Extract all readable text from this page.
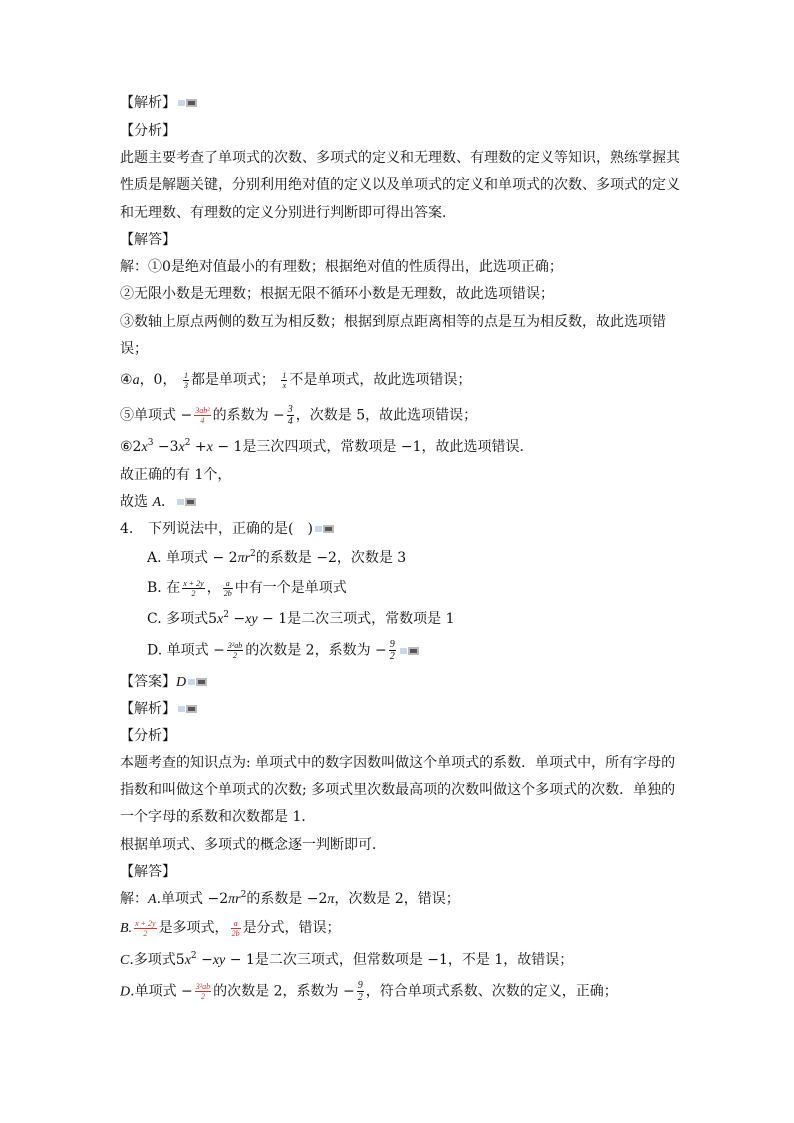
【解析】
【分析】
此题主要考查了单项式的次数、多项式的定义和无理数、有理数的定义等知识，熟练掌握其
性质是解题关键，分别利用绝对值的定义以及单项式的定义和单项式的次数、多项式的定义
和无理数、有理数的定义分别进行判断即可得出答案．
【解答】
解：①0是绝对值最小的有理数；根据绝对值的性质得出，此选项正确；
②无限小数是无理数；根据无限不循环小数是无理数，故此选项错误；
③数轴上原点两侧的数互为相反数；根据到原点距离相等的点是互为相反数，故此选项错
误；
④a，0， $\frac{1}{3}$ 都是单项式； $\frac{1}{x}$ 不是单项式，故此选项错误；
⑤单项式 − $\frac{\text{3ab²}}{4}$ 的系数为 − $\frac{3}{4}$ ，次数是 5，故此选项错误；
$⑥2x^3 -3x^2 +x - 1$是三次四项式，常数项是 −1，故此选项错误．
故正确的有 1个，
故选 A．
4. 下列说法中，正确的是(　)
A. 单项式 − $2\pi r^2$的系数是 −2，次数是 3
B. 在 $\frac{x + 2y}{2}$ ， $\frac{a}{2b}$ 中有一个是单项式
C. 多项式$5x^2 -xy - 1$是二次三项式，常数项是 1
D. 单项式 − $\frac{\text{3²ab}}{2}$ 的次数是 2，系数为 − $\frac{9}{2}$
【答案】D
【解析】
【分析】
本题考查的知识点为: 单项式中的数字因数叫做这个单项式的系数．单项式中，所有字母的
指数和叫做这个单项式的次数; 多项式里次数最高项的次数叫做这个多项式的次数．单独的
一个字母的系数和次数都是 1．
根据单项式、多项式的概念逐一判断即可．
【解答】
解：A.单项式 $-2\pi r^2$的系数是 −2π，次数是 2，错误；
B. $\frac{x + 2y}{2}$ 是多项式， $\frac{a}{2b}$ 是分式，错误；
C.多项式$5x^2 -xy - 1$是二次三项式，但常数项是 −1，不是 1，故错误；
D.单项式 − $\frac{\text{3²ab}}{2}$ 的次数是 2，系数为 − $\frac{9}{2}$ ，符合单项式系数、次数的定义，正确；
